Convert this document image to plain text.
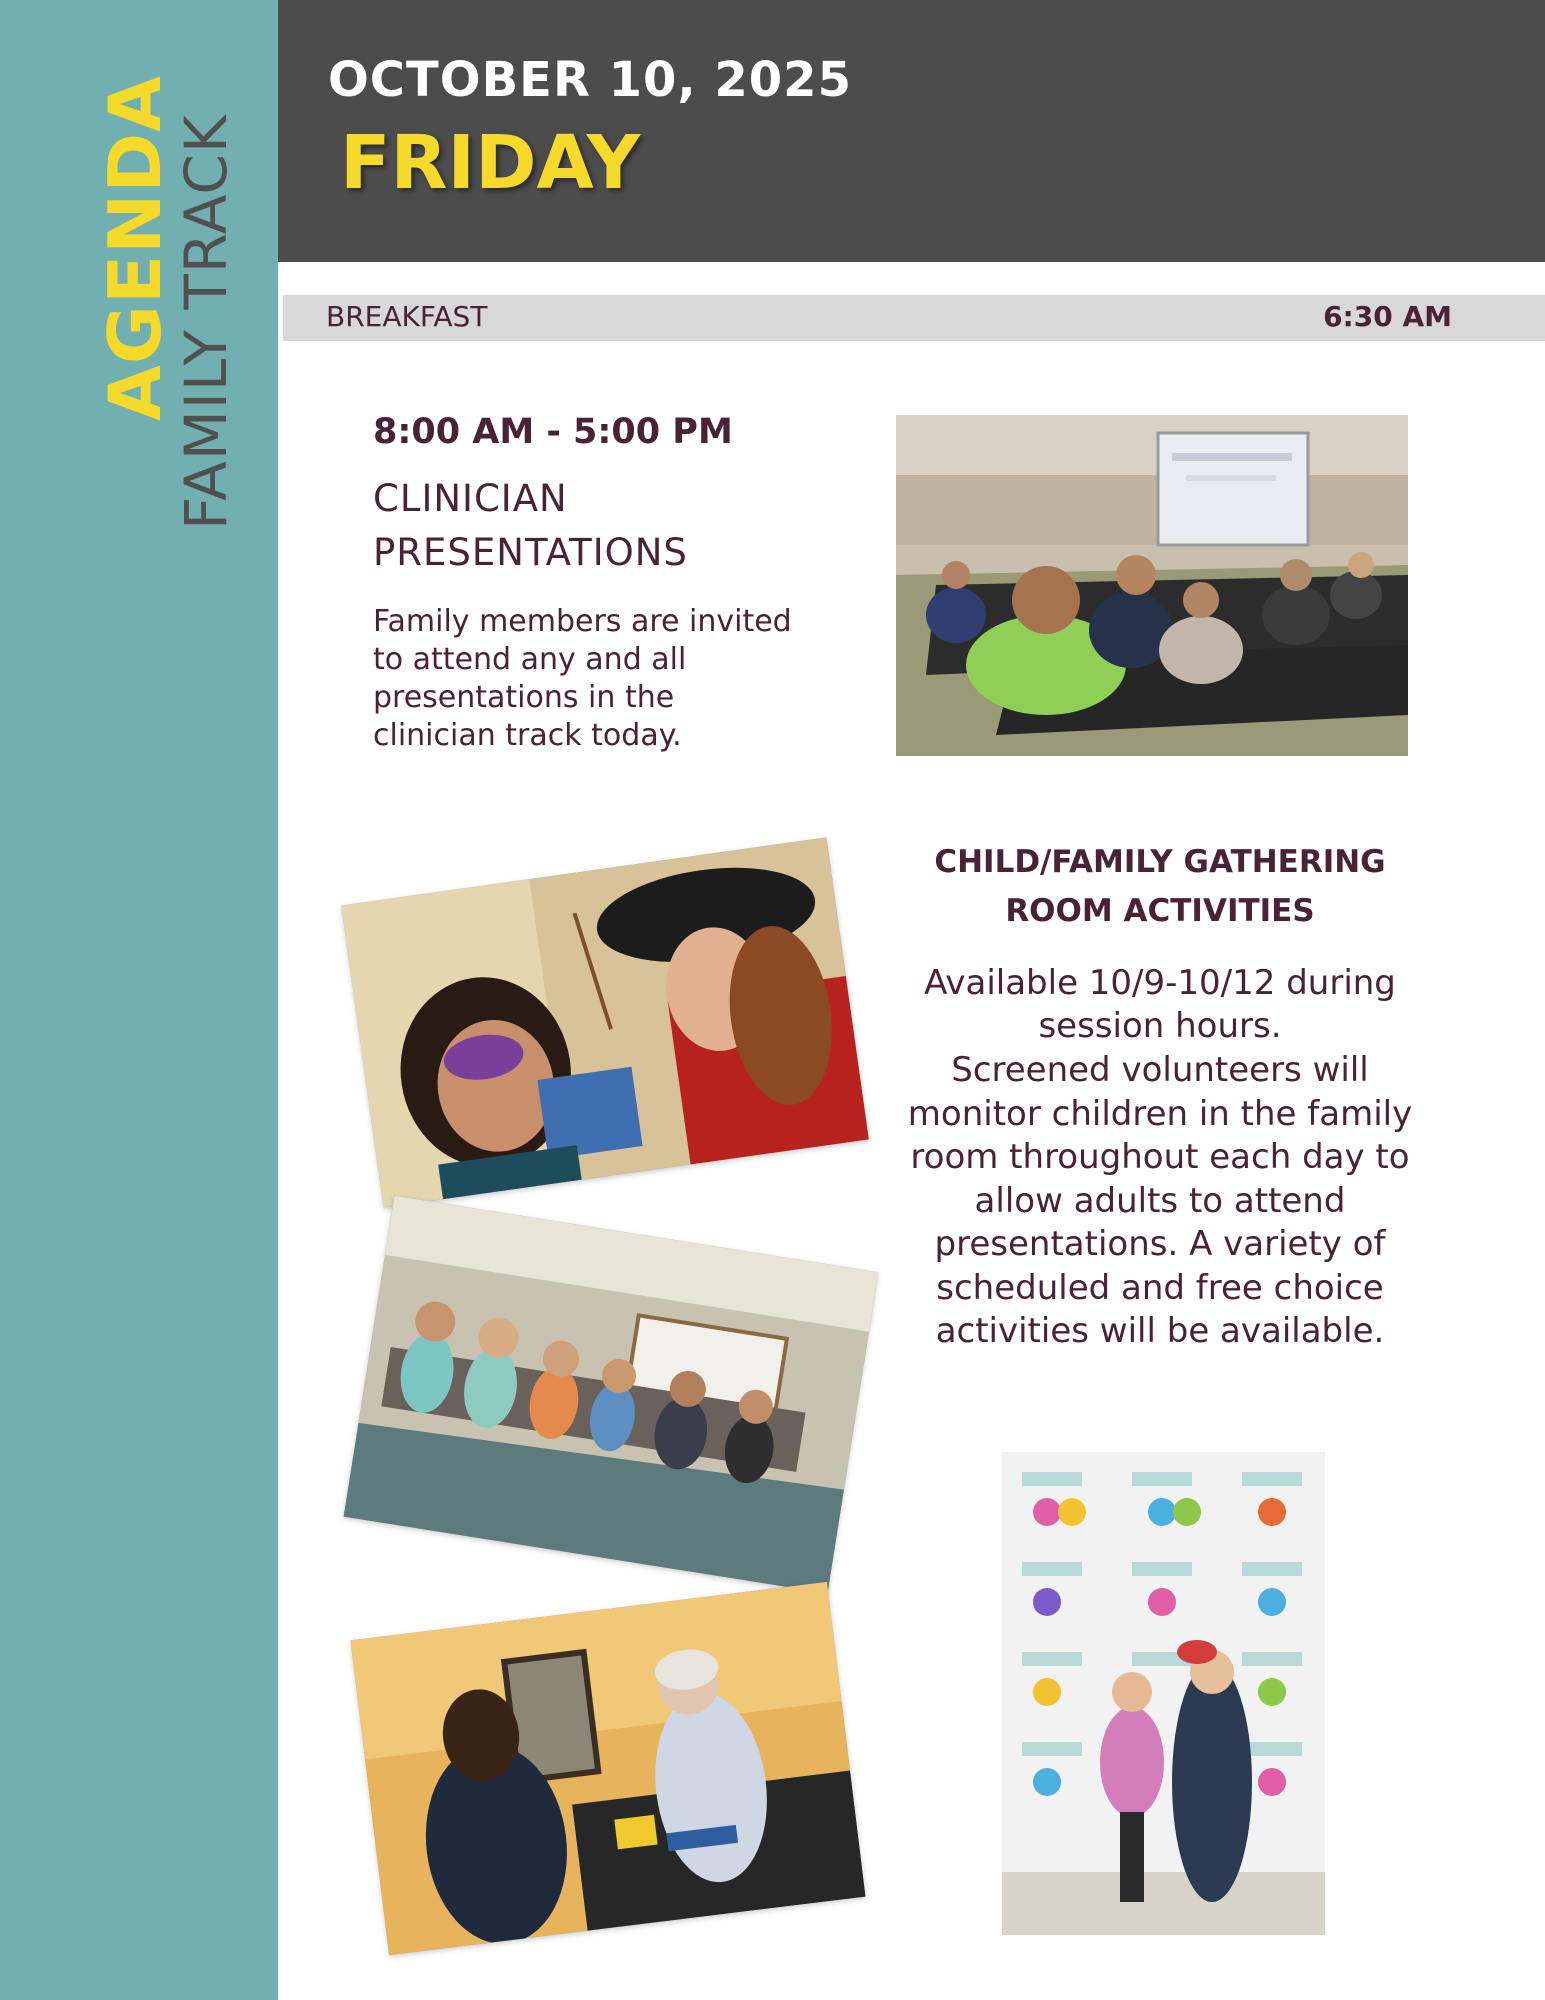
AGENDA
FAMILY TRACK
OCTOBER 10, 2025
FRIDAY
BREAKFAST	6:30 AM
8:00 AM - 5:00 PM
CLINICIAN PRESENTATIONS
Family members are invited to attend any and all presentations in the clinician track today.
CHILD/FAMILY GATHERING ROOM ACTIVITIES
Available 10/9-10/12 during session hours.
Screened volunteers will monitor children in the family room throughout each day to allow adults to attend presentations. A variety of scheduled and free choice activities will be available.
